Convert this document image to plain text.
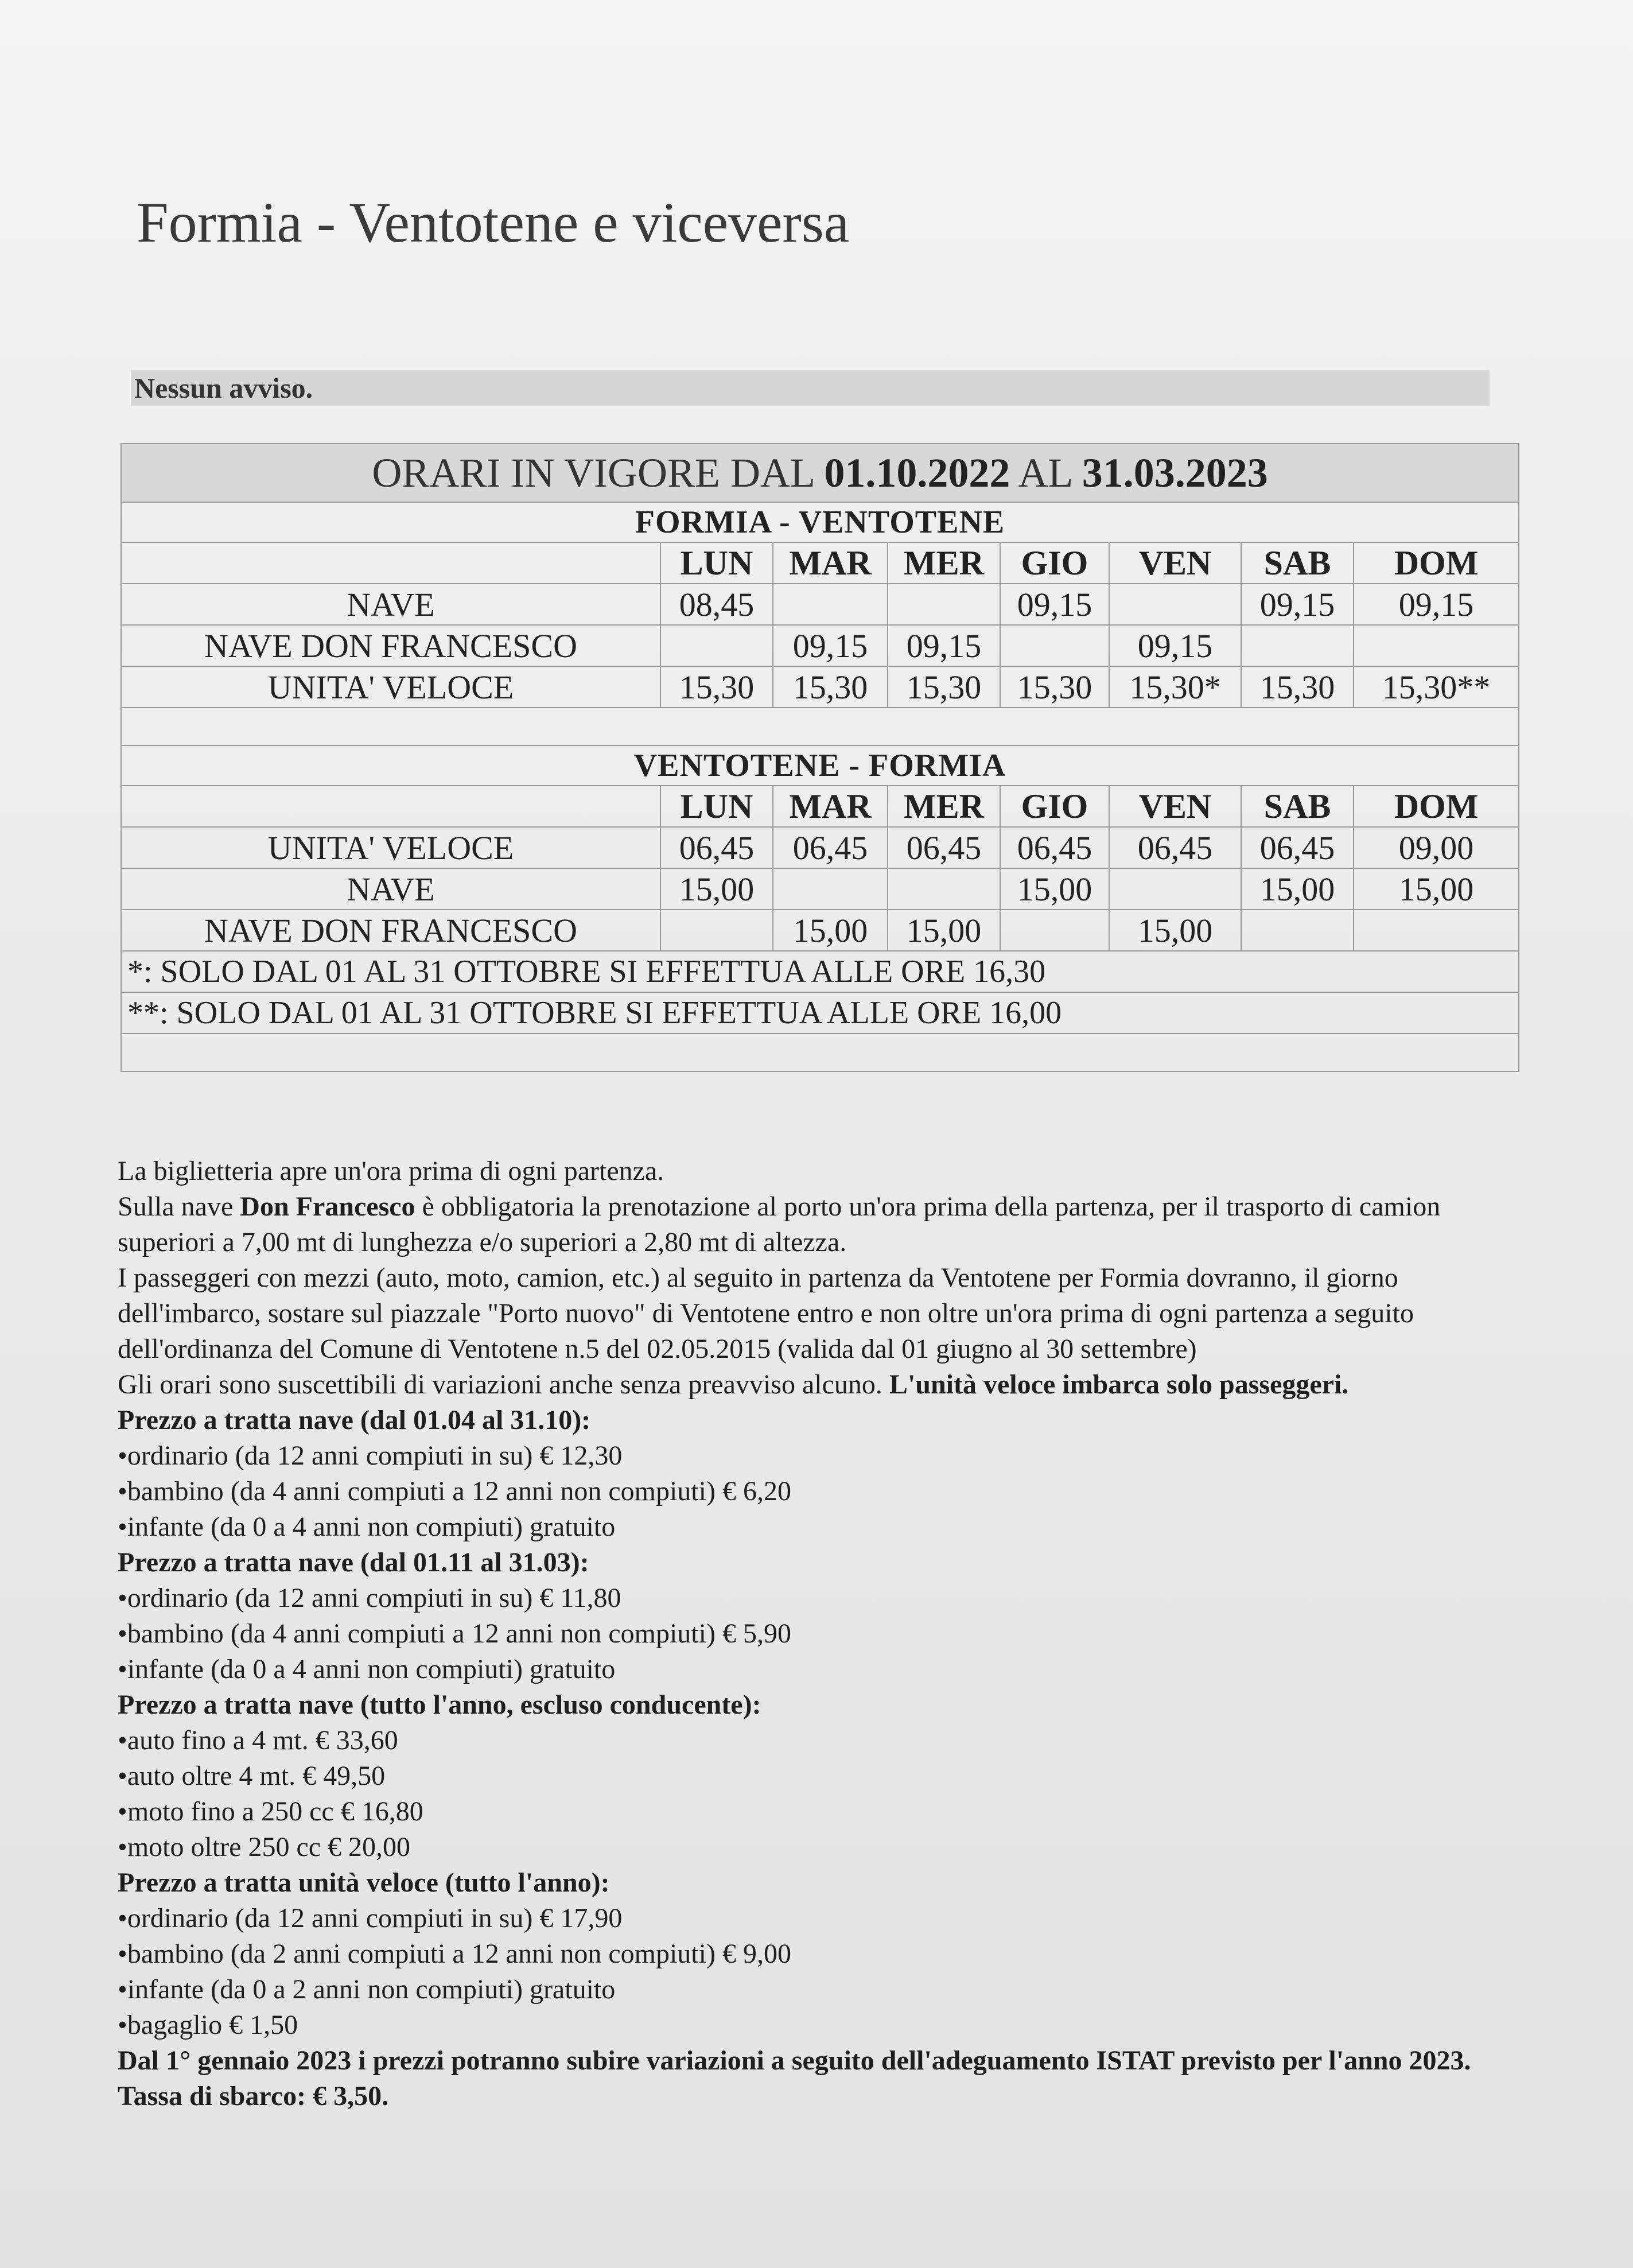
Formia - Ventotene e viceversa
Nessun avviso.
ORARI IN VIGORE DAL 01.10.2022 AL 31.03.2023							
FORMIA - VENTOTENE							
	LUN	MAR	MER	GIO	VEN	SAB	DOM
NAVE	08,45			09,15		09,15	09,15
NAVE DON FRANCESCO		09,15	09,15		09,15		
UNITA' VELOCE	15,30	15,30	15,30	15,30	15,30*	15,30	15,30**

VENTOTENE - FORMIA							
	LUN	MAR	MER	GIO	VEN	SAB	DOM
UNITA' VELOCE	06,45	06,45	06,45	06,45	06,45	06,45	09,00
NAVE	15,00			15,00		15,00	15,00
NAVE DON FRANCESCO		15,00	15,00		15,00		
*: SOLO DAL 01 AL 31 OTTOBRE SI EFFETTUA ALLE ORE 16,30							
**: SOLO DAL 01 AL 31 OTTOBRE SI EFFETTUA ALLE ORE 16,00							

La biglietteria apre un'ora prima di ogni partenza.

Sulla nave Don Francesco è obbligatoria la prenotazione al porto un'ora prima della partenza, per il trasporto di camion superiori a 7,00 mt di lunghezza e/o superiori a 2,80 mt di altezza.

I passeggeri con mezzi (auto, moto, camion, etc.) al seguito in partenza da Ventotene per Formia dovranno, il giorno dell'imbarco, sostare sul piazzale "Porto nuovo" di Ventotene entro e non oltre un'ora prima di ogni partenza a seguito dell'ordinanza del Comune di Ventotene n.5 del 02.05.2015 (valida dal 01 giugno al 30 settembre)

Gli orari sono suscettibili di variazioni anche senza preavviso alcuno. L'unità veloce imbarca solo passeggeri.

Prezzo a tratta nave (dal 01.04 al 31.10):

• ordinario (da 12 anni compiuti in su) € 12,30

• bambino (da 4 anni compiuti a 12 anni non compiuti) € 6,20

• infante (da 0 a 4 anni non compiuti) gratuito

Prezzo a tratta nave (dal 01.11 al 31.03):

• ordinario (da 12 anni compiuti in su) € 11,80

• bambino (da 4 anni compiuti a 12 anni non compiuti) € 5,90

• infante (da 0 a 4 anni non compiuti) gratuito

Prezzo a tratta nave (tutto l'anno, escluso conducente):

• auto fino a 4 mt. € 33,60

• auto oltre 4 mt. € 49,50

• moto fino a 250 cc € 16,80

• moto oltre 250 cc € 20,00

Prezzo a tratta unità veloce (tutto l'anno):

• ordinario (da 12 anni compiuti in su) € 17,90

• bambino (da 2 anni compiuti a 12 anni non compiuti) € 9,00

• infante (da 0 a 2 anni non compiuti) gratuito

• bagaglio € 1,50

Dal 1° gennaio 2023 i prezzi potranno subire variazioni a seguito dell'adeguamento ISTAT previsto per l'anno 2023.

Tassa di sbarco: € 3,50.
